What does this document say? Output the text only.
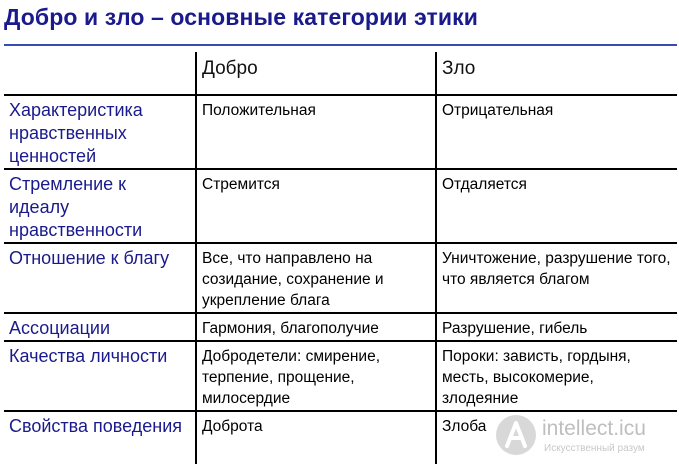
Добро и зло – основные категории этики
	Добро	Зло
Характеристика нравственных ценностей	Положительная	Отрицательная
Стремление к идеалу нравственности	Стремится	Отдаляется
Отношение к благу	Все, что направлено на созидание, сохранение и укрепление блага	Уничтожение, разрушение того, что является благом
Ассоциации	Гармония, благополучие	Разрушение, гибель
Качества личности	Добродетели: смирение, терпение, прощение, милосердие	Пороки: зависть, гордыня, месть, высокомерие, злодеяние
Свойства поведения	Доброта	Злоба	intellect.icu
Искусственный разум
